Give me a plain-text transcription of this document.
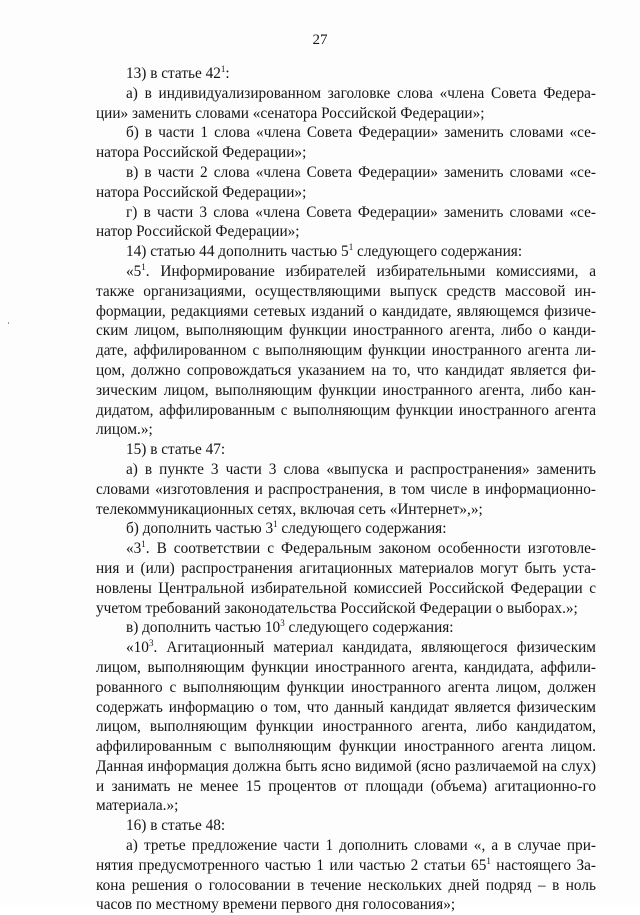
27

13) в статье $42^1$:

а) в индивидуализированном заголовке слова «члена Совета Федера-ции» заменить словами «сенатора Российской Федерации»;

б) в части 1 слова «члена Совета Федерации» заменить словами «се-натора Российской Федерации»;

в) в части 2 слова «члена Совета Федерации» заменить словами «се-натора Российской Федерации»;

г) в части 3 слова «члена Совета Федерации» заменить словами «се-натор Российской Федерации»;

14) статью 44 дополнить частью $5^1$ следующего содержания:

«$5^1$. Информирование избирателей избирательными комиссиями, а также организациями, осуществляющими выпуск средств массовой ин-формации, редакциями сетевых изданий о кандидате, являющемся физиче-ским лицом, выполняющим функции иностранного агента, либо о канди-дате, аффилированном с выполняющим функции иностранного агента ли-цом, должно сопровождаться указанием на то, что кандидат является фи-зическим лицом, выполняющим функции иностранного агента, либо кан-дидатом, аффилированным с выполняющим функции иностранного агента лицом.»;

15) в статье 47:

а) в пункте 3 части 3 слова «выпуска и распространения» заменить словами «изготовления и распространения, в том числе в информационно-телекоммуникационных сетях, включая сеть «Интернет»,»;

б) дополнить частью $3^1$ следующего содержания:

«$3^1$. В соответствии с Федеральным законом особенности изготовле-ния и (или) распространения агитационных материалов могут быть уста-новлены Центральной избирательной комиссией Российской Федерации с учетом требований законодательства Российской Федерации о выборах.»;

в) дополнить частью $10^3$ следующего содержания:

«$10^3$. Агитационный материал кандидата, являющегося физическим лицом, выполняющим функции иностранного агента, кандидата, аффили-рованного с выполняющим функции иностранного агента лицом, должен содержать информацию о том, что данный кандидат является физическим лицом, выполняющим функции иностранного агента, либо кандидатом, аффилированным с выполняющим функции иностранного агента лицом. Данная информация должна быть ясно видимой (ясно различаемой на слух) и занимать не менее 15 процентов от площади (объема) агитационно-го материала.»;

16) в статье 48:

а) третье предложение части 1 дополнить словами «, а в случае при-нятия предусмотренного частью 1 или частью 2 статьи $65^1$ настоящего За-кона решения о голосовании в течение нескольких дней подряд – в ноль часов по местному времени первого дня голосования»;
